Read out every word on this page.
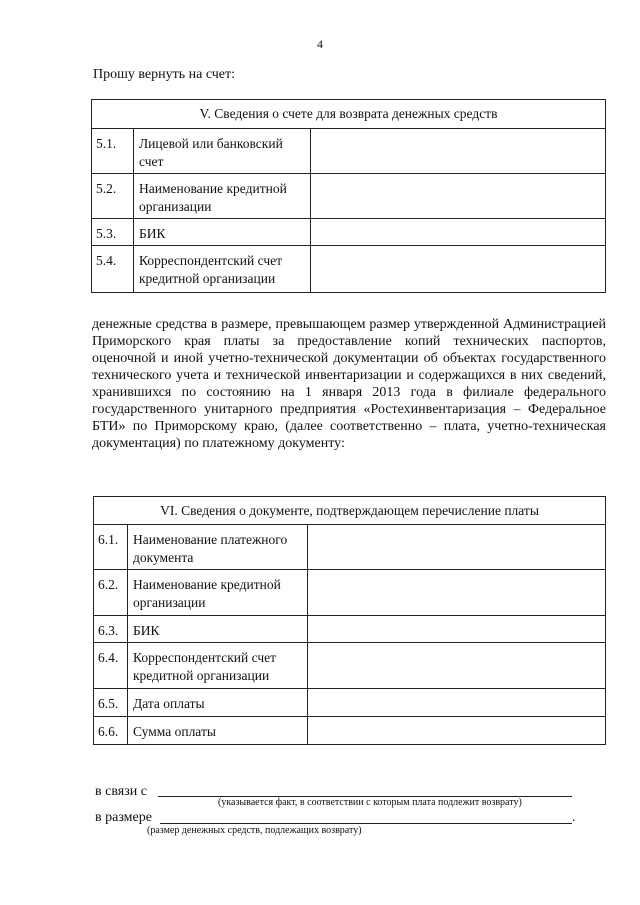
4
Прошу вернуть на счет:
V. Сведения о счете для возврата денежных средств		
5.1.	Лицевой или банковский счет	
5.2.	Наименование кредитной организации	
5.3.	БИК	
5.4.	Корреспондентский счет кредитной организации	
денежные средства в размере, превышающем размер утвержденной Администрацией Приморского края платы за предоставление копий технических паспортов, оценочной и иной учетно-технической документации об объектах государственного технического учета и технической инвентаризации и содержащихся в них сведений, хранившихся по состоянию на 1 января 2013 года в филиале федерального государственного унитарного предприятия «Ростехинвентаризация – Федеральное БТИ» по Приморскому краю, (далее соответственно – плата, учетно-техническая документация) по платежному документу:
VI. Сведения о документе, подтверждающем перечисление платы		
6.1.	Наименование платежного документа	
6.2.	Наименование кредитной организации	
6.3.	БИК	
6.4.	Корреспондентский счет кредитной организации	
6.5.	Дата оплаты	
6.6.	Сумма оплаты	
в связи с
(указывается факт, в соответствии с которым плата подлежит возврату)
в размере	.
(размер денежных средств, подлежащих возврату)
